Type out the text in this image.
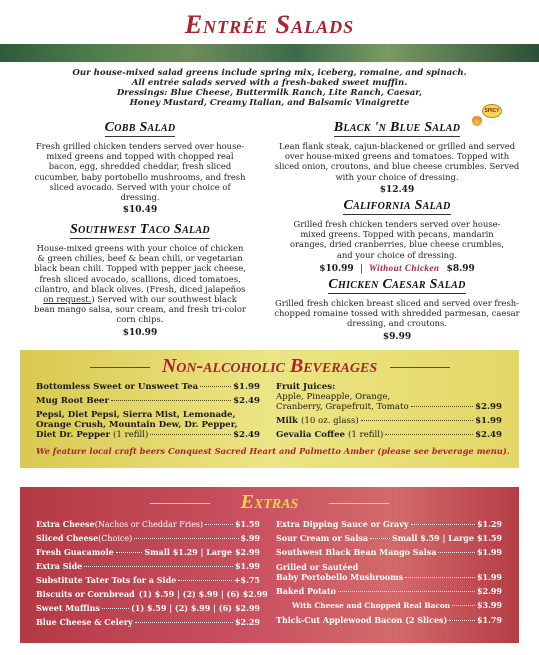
Entrée Salads
Our house-mixed salad greens include spring mix, iceberg, romaine, and spinach.
All entrée salads served with a fresh-baked sweet muffin.
Dressings: Blue Cheese, Buttermilk Ranch, Lite Ranch, Caesar,
Honey Mustard, Creamy Italian, and Balsamic Vinaigrette
Cobb Salad
Fresh grilled chicken tenders served over house-mixed greens and topped with chopped real bacon, egg, shredded cheddar, fresh sliced cucumber, baby portobello mushrooms, and fresh sliced avocado. Served with your choice of dressing.
$10.49
Southwest Taco Salad
House-mixed greens with your choice of chicken & green chilies, beef & bean chili, or vegetarian black bean chili. Topped with pepper jack cheese, fresh sliced avocado, scallions, diced tomatoes, cilantro, and black olives. (Fresh, diced jalapeños on request.) Served with our southwest black bean mango salsa, sour cream, and fresh tri-color corn chips.
$10.99
Black 'n Blue Salad
Lean flank steak, cajun-blackened or grilled and served over house-mixed greens and tomatoes. Topped with sliced onion, croutons, and blue cheese crumbles. Served with your choice of dressing.
$12.49
SPICY
California Salad
Grilled fresh chicken tenders served over house-mixed greens. Topped with pecans, mandarin oranges, dried cranberries, blue cheese crumbles, and your choice of dressing.
$10.99 | Without Chicken $8.99
Chicken Caesar Salad
Grilled fresh chicken breast sliced and served over fresh-chopped romaine tossed with shredded parmesan, caesar dressing, and croutons.
$9.99
Non-alcoholic Beverages
Bottomless Sweet or Unsweet Tea	$1.99
Mug Root Beer	$2.49
Pepsi, Diet Pepsi, Sierra Mist, Lemonade,
Orange Crush, Mountain Dew, Dr. Pepper,
Diet Dr. Pepper (1 refill)	$2.49
Fruit Juices:
Apple, Pineapple, Orange,
Cranberry, Grapefruit, Tomato	$2.99
Milk (10 oz. glass)	$1.99
Gevalia Coffee (1 refill)	$2.49
We feature local craft beers Conquest Sacred Heart and Palmetto Amber (please see beverage menu).
Extras
Extra Cheese (Nachos or Cheddar Fries)	$1.59
Sliced Cheese (Choice)	$.99
Fresh Guacamole	Small $1.29 | Large $2.99
Extra Side	$1.99
Substitute Tater Tots for a Side	+$.75
Biscuits or Cornbread (1) $.59 | (2) $.99 | (6) $2.99
Sweet Muffins	(1) $.59 | (2) $.99 | (6) $2.99
Blue Cheese & Celery	$2.29
Extra Dipping Sauce or Gravy	$1.29
Sour Cream or Salsa	Small $.59 | Large $1.59
Southwest Black Bean Mango Salsa	$1.99
Grilled or Sautéed
Baby Portobello Mushrooms	$1.99
Baked Potato	$2.99
With Cheese and Chopped Real Bacon	$3.99
Thick-Cut Applewood Bacon (2 Slices)	$1.79
